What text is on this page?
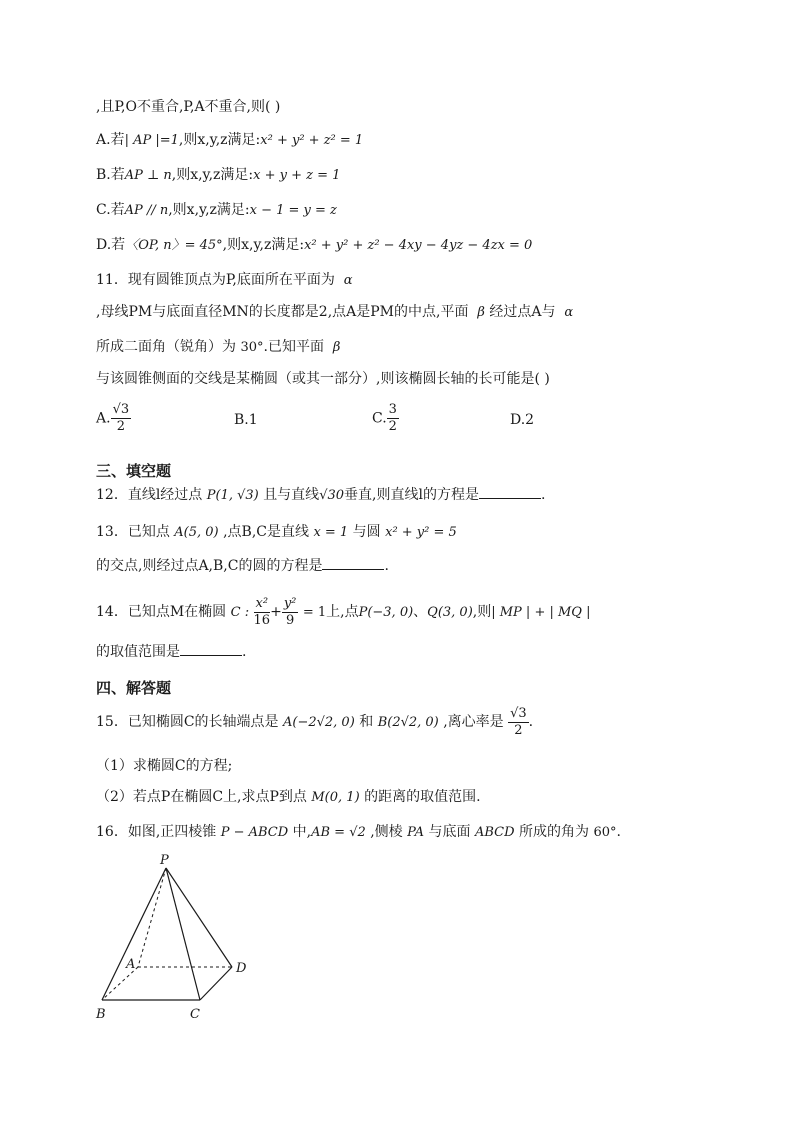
,且P,O不重合,P,A不重合,则( )
A.若| AP |=1,则x,y,z满足:x² + y² + z² = 1
B.若AP ⊥ n,则x,y,z满足:x + y + z = 1
C.若AP // n,则x,y,z满足:x − 1 = y = z
D.若〈OP, n〉= 45°,则x,y,z满足:x² + y² + z² − 4xy − 4yz − 4zx = 0
11．现有圆锥顶点为P,底面所在平面为 α
,母线PM与底面直径MN的长度都是2,点A是PM的中点,平面 β 经过点A与 α
所成二面角（锐角）为 30°.已知平面 β
与该圆锥侧面的交线是某椭圆（或其一部分）,则该椭圆长轴的长可能是( )
A. $\frac{√3}{2}$	B.1	C. $\frac{3}{2}$	D.2
三、填空题
12．直线l经过点 P(1, √3) 且与直线√30垂直,则直线l的方程是	.
13．已知点 A(5, 0) ,点B,C是直线 x = 1 与圆 x² + y² = 5
的交点,则经过点A,B,C的圆的方程是	.
14．已知点M在椭圆 C : $\frac{\text{x²}}{16} + \frac{\text{y²}}{9} = 1$上,点P(−3, 0)、Q(3, 0),则| MP | + | MQ |
的取值范围是	.
四、解答题
15．已知椭圆C的长轴端点是 A(−2√2, 0) 和 B(2√2, 0) ,离心率是 $\frac{√3}{2}$ .
（1）求椭圆C的方程;
（2）若点P在椭圆C上,求点P到点 M(0, 1) 的距离的取值范围.
16．如图,正四棱锥 P − ABCD 中,AB = √2 ,侧棱 PA 与底面 ABCD 所成的角为 60°.
P
A	D
B	C
